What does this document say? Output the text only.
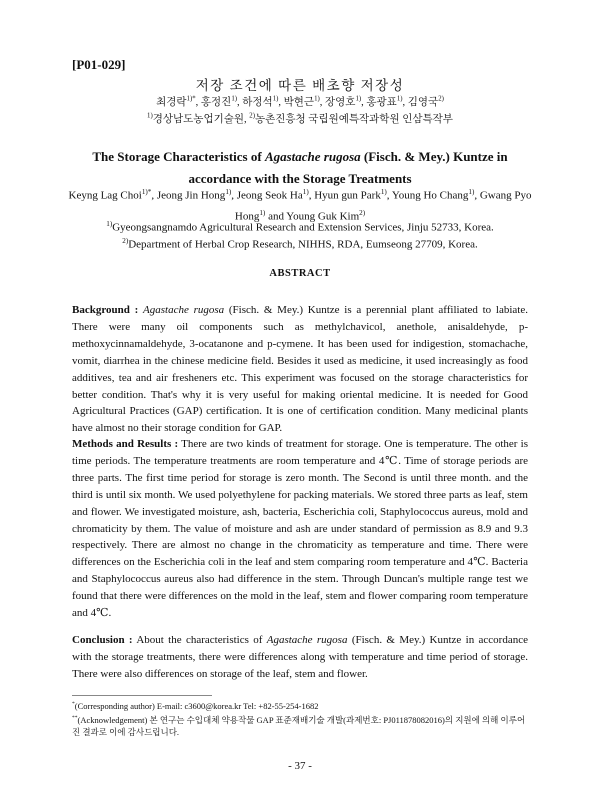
[P01-029]
저장 조건에 따른 배초향 저장성
최경락$^{1)*}$, 홍정진$^{1)}$, 하정석$^{1)}$, 박현근$^{1)}$, 장영호$^{1)}$, 홍광표$^{1)}$, 김영국$^{2)}$
$^{1)}$경상남도농업기술원, $^{2)}$농촌진흥청 국립원예특작과학원 인삼특작부
The Storage Characteristics of Agastache rugosa (Fisch. & Mey.) Kuntze in accordance with the Storage Treatments
Keyng Lag Choi$^{1)*}$, Jeong Jin Hong$^{1)}$, Jeong Seok Ha$^{1)}$, Hyun gun Park$^{1)}$, Young Ho Chang$^{1)}$, Gwang Pyo Hong$^{1)}$ and Young Guk Kim$^{2)}$
$^{1)}$Gyeongsangnamdo Agricultural Research and Extension Services, Jinju 52733, Korea.
$^{2)}$Department of Herbal Crop Research, NIHHS, RDA, Eumseong 27709, Korea.
ABSTRACT
Background : Agastache rugosa (Fisch. & Mey.) Kuntze is a perennial plant affiliated to labiate. There were many oil components such as methylchavicol, anethole, anisaldehyde, p-methoxycinnamaldehyde, 3-ocatanone and p-cymene. It has been used for indigestion, stomachache, vomit, diarrhea in the chinese medicine field. Besides it used as medicine, it used increasingly as food additives, tea and air fresheners etc. This experiment was focused on the storage characteristics for better condition. That's why it is very useful for making oriental medicine. It is needed for Good Agricultural Practices (GAP) certification. It is one of certification condition. Many medicinal plants have almost no their storage condition for GAP.
Methods and Results : There are two kinds of treatment for storage. One is temperature. The other is time periods. The temperature treatments are room temperature and 4℃. Time of storage periods are three parts. The first time period for storage is zero month. The Second is until three month. and the third is until six month. We used polyethylene for packing materials. We stored three parts as leaf, stem and flower. We investigated moisture, ash, bacteria, Escherichia coli, Staphylococcus aureus, mold and chromaticity by them. The value of moisture and ash are under standard of permission as 8.9 and 9.3 respectively. There are almost no change in the chromaticity as temperature and time. There were differences on the Escherichia coli in the leaf and stem comparing room temperature and 4℃. Bacteria and Staphylococcus aureus also had difference in the stem. Through Duncan's multiple range test we found that there were differences on the mold in the leaf, stem and flower comparing room temperature and 4℃.
Conclusion : About the characteristics of Agastache rugosa (Fisch. & Mey.) Kuntze in accordance with the storage treatments, there were differences along with temperature and time period of storage. There were also differences on storage of the leaf, stem and flower.
*(Corresponding author) E-mail: c3600@korea.kr Tel: +82-55-254-1682
**(Acknowledgement) 본 연구는 수입대체 약용작물 GAP 표준재배기술 개발(과제번호: PJ011878082016)의 지원에 의해 이루어진 결과로 이에 감사드립니다.
- 37 -
